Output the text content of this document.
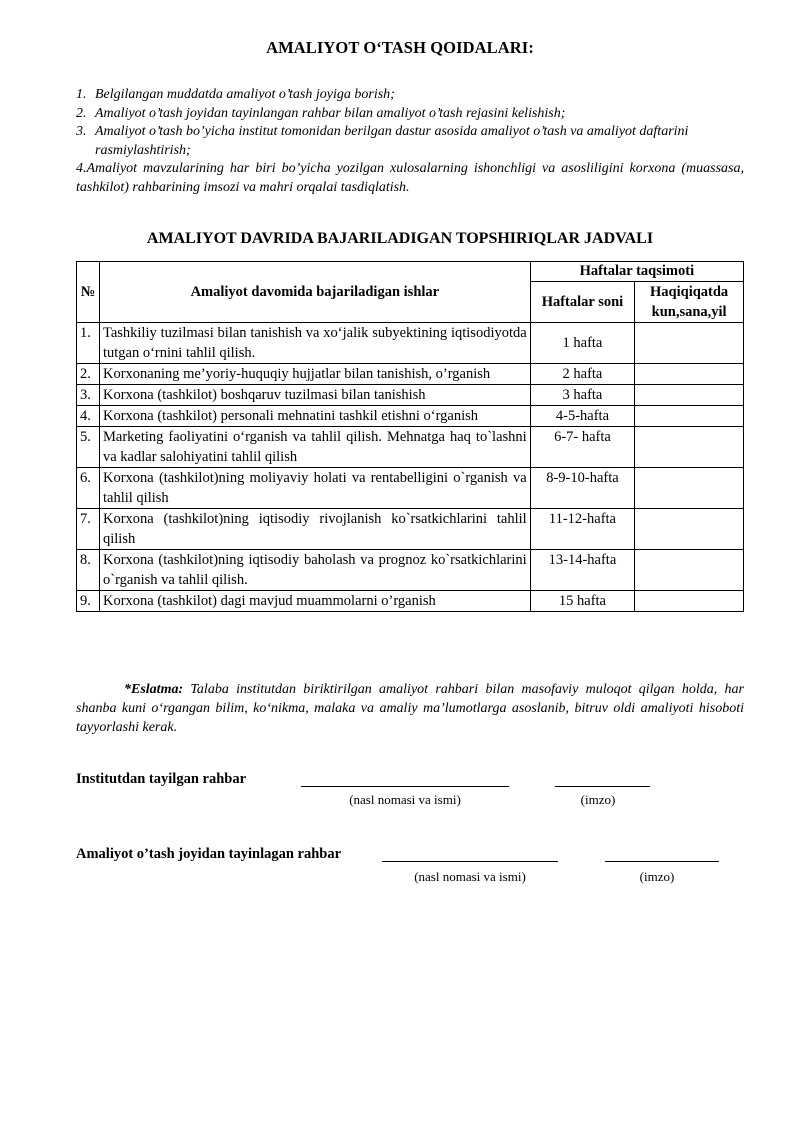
AMALIYOT O‘TASH QOIDALARI:
1. Belgilangan muddatda amaliyot o’tash joyiga borish;
2. Amaliyot o’tash joyidan tayinlangan rahbar bilan amaliyot o’tash rejasini kelishish;
3. Amaliyot o’tash bo’yicha institut tomonidan berilgan dastur asosida amaliyot o’tash va amaliyot daftarini rasmiylashtirish;
4.Amaliyot mavzularining har biri bo’yicha yozilgan xulosalarning ishonchligi va asosliligini korxona (muassasa, tashkilot) rahbarining imsozi va mahri orqalai tasdiqlatish.
AMALIYOT DAVRIDA BAJARILADIGAN TOPSHIRIQLAR JADVALI
№	Amaliyot davomida bajariladigan ishlar	Haftalar taqsimoti	
		Haftalar soni	Haqiqiqatda kun,sana,yil
1.	Tashkiliy tuzilmasi bilan tanishish va xo‘jalik subyektining iqtisodiyotda tutgan o‘rnini tahlil qilish.	1 hafta	
2.	Korxonaning me’yoriy-huquqiy hujjatlar bilan tanishish, o’rganish	2 hafta	
3.	Korxona (tashkilot) boshqaruv tuzilmasi bilan tanishish	3 hafta	
4.	Korxona (tashkilot) personali mehnatini tashkil etishni o‘rganish	4-5-hafta	
5.	Marketing faoliyatini o‘rganish va tahlil qilish. Mehnatga haq to`lashni va kadlar salohiyatini tahlil qilish	6-7- hafta	
6.	Korxona (tashkilot)ning moliyaviy holati va rentabelligini o`rganish va tahlil qilish	8-9-10-hafta	
7.	Korxona (tashkilot)ning iqtisodiy rivojlanish ko`rsatkichlarini tahlil qilish	11-12-hafta	
8.	Korxona (tashkilot)ning iqtisodiy baholash va prognoz ko`rsatkichlarini o`rganish va tahlil qilish.	13-14-hafta	
9.	Korxona (tashkilot) dagi mavjud muammolarni o’rganish	15 hafta	
*Eslatma: Talaba institutdan biriktirilgan amaliyot rahbari bilan masofaviy muloqot qilgan holda, har shanba kuni o‘rgangan bilim, ko‘nikma, malaka va amaliy ma’lumotlarga asoslanib, bitruv oldi amaliyoti hisoboti tayyorlashi kerak.
Institutdan tayilgan rahbar
(nasl nomasi va ismi)	(imzo)
Amaliyot o’tash joyidan tayinlagan rahbar
(nasl nomasi va ismi)	(imzo)
